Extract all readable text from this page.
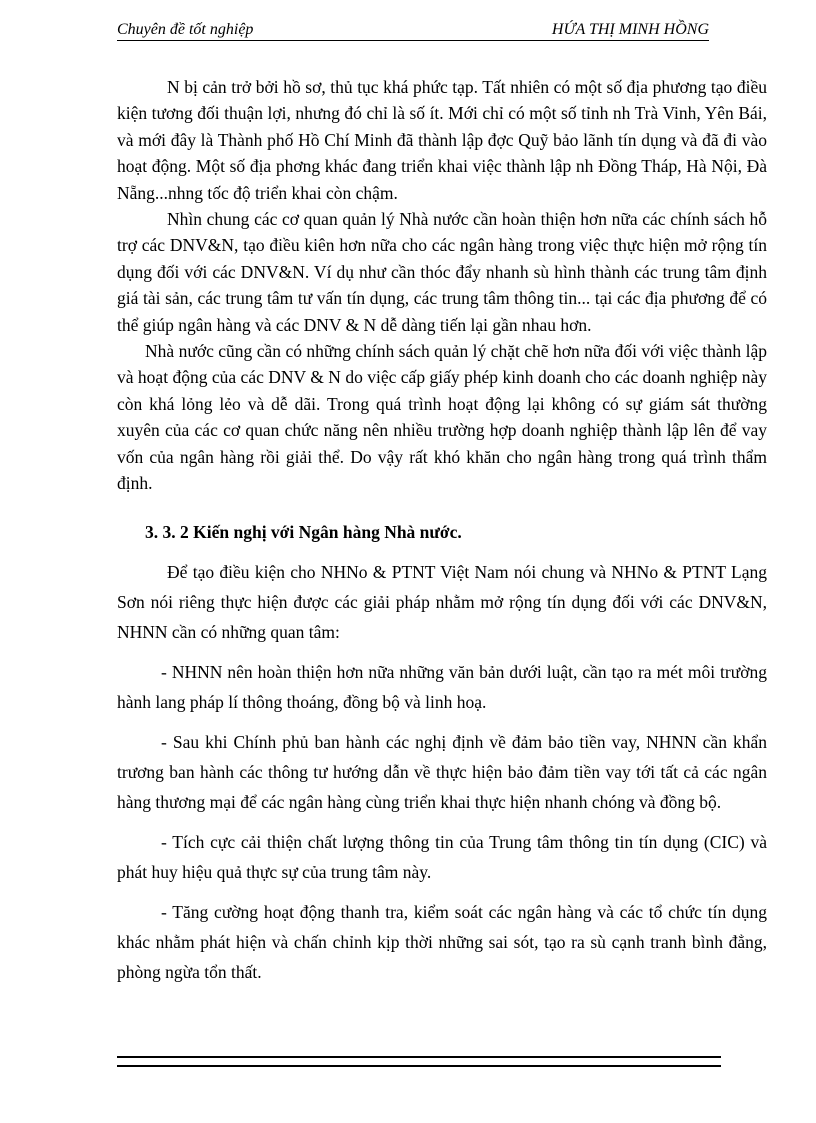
Chuyên đề tốt nghiệp	HỨA THỊ MINH HỒNG

N bị cản trở bởi hồ sơ, thủ tục khá phức tạp. Tất nhiên có một số địa phương tạo điều kiện tương đối thuận lợi, nhưng đó chỉ là số ít. Mới chỉ có một số tỉnh nh Trà Vinh, Yên Bái, và mới đây là Thành phố Hồ Chí Minh đã thành lập đợc Quỹ bảo lãnh tín dụng và đã đi vào hoạt động. Một số địa phơng khác đang triển khai việc thành lập nh Đồng Tháp, Hà Nội, Đà Nẵng...nhng tốc độ triển khai còn chậm.

Nhìn chung các cơ quan quản lý Nhà nước cần hoàn thiện hơn nữa các chính sách hỗ trợ các DNV&N, tạo điều kiên hơn nữa cho các ngân hàng trong việc thực hiện mở rộng tín dụng đối với các DNV&N. Ví dụ như cần thóc đẩy nhanh sù hình thành các trung tâm định giá tài sản, các trung tâm tư vấn tín dụng, các trung tâm thông tin... tại các địa phương để có thể giúp ngân hàng và các DNV & N dễ dàng tiến lại gần nhau hơn.

Nhà nước cũng cần có những chính sách quản lý chặt chẽ hơn nữa đối với việc thành lập và hoạt động của các DNV & N do việc cấp giấy phép kinh doanh cho các doanh nghiệp này còn khá lỏng lẻo và dễ dãi. Trong quá trình hoạt động lại không có sự giám sát thường xuyên của các cơ quan chức năng nên nhiều trường hợp doanh nghiệp thành lập lên để vay vốn của ngân hàng rồi giải thể. Do vậy rất khó khăn cho ngân hàng trong quá trình thẩm định.

3. 3. 2 Kiến nghị với Ngân hàng Nhà nước.

Để tạo điều kiện cho NHNo & PTNT Việt Nam nói chung và NHNo & PTNT Lạng Sơn nói riêng thực hiện được các giải pháp nhằm mở rộng tín dụng đối với các DNV&N, NHNN cần có những quan tâm:

- NHNN nên hoàn thiện hơn nữa những văn bản dưới luật, cần tạo ra mét môi trường hành lang pháp lí thông thoáng, đồng bộ và linh hoạ.

- Sau khi Chính phủ ban hành các nghị định về đảm bảo tiền vay, NHNN cần khẩn trương ban hành các thông tư hướng dẫn về thực hiện bảo đảm tiền vay tới tất cả các ngân hàng thương mại để các ngân hàng cùng triển khai thực hiện nhanh chóng và đồng bộ.

- Tích cực cải thiện chất lượng thông tin của Trung tâm thông tin tín dụng (CIC) và phát huy hiệu quả thực sự của trung tâm này.

- Tăng cường hoạt động thanh tra, kiểm soát các ngân hàng và các tổ chức tín dụng khác nhằm phát hiện và chấn chỉnh kịp thời những sai sót, tạo ra sù cạnh tranh bình đẳng, phòng ngừa tổn thất.
